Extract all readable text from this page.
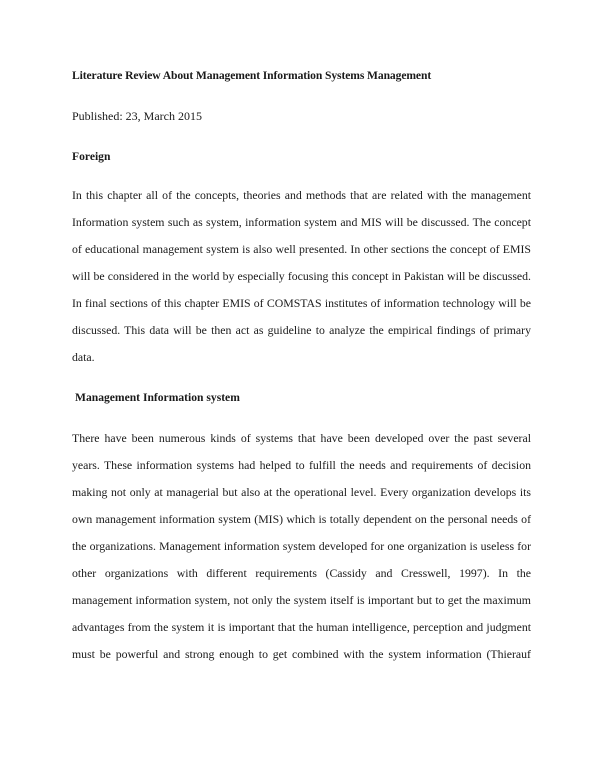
Literature Review About Management Information Systems Management
Published: 23, March 2015
Foreign
In this chapter all of the concepts, theories and methods that are related with the management
Information system such as system, information system and MIS will be discussed. The concept
of educational management system is also well presented. In other sections the concept of EMIS
will be considered in the world by especially focusing this concept in Pakistan will be discussed.
In final sections of this chapter EMIS of COMSTAS institutes of information technology will be
discussed. This data will be then act as guideline to analyze the empirical findings of primary
data.
Management Information system
There have been numerous kinds of systems that have been developed over the past several
years. These information systems had helped to fulfill the needs and requirements of decision
making not only at managerial but also at the operational level. Every organization develops its
own management information system (MIS) which is totally dependent on the personal needs of
the organizations. Management information system developed for one organization is useless for
other organizations with different requirements (Cassidy and Cresswell, 1997). In the
management information system, not only the system itself is important but to get the maximum
advantages from the system it is important that the human intelligence, perception and judgment
must be powerful and strong enough to get combined with the system information (Thierauf
